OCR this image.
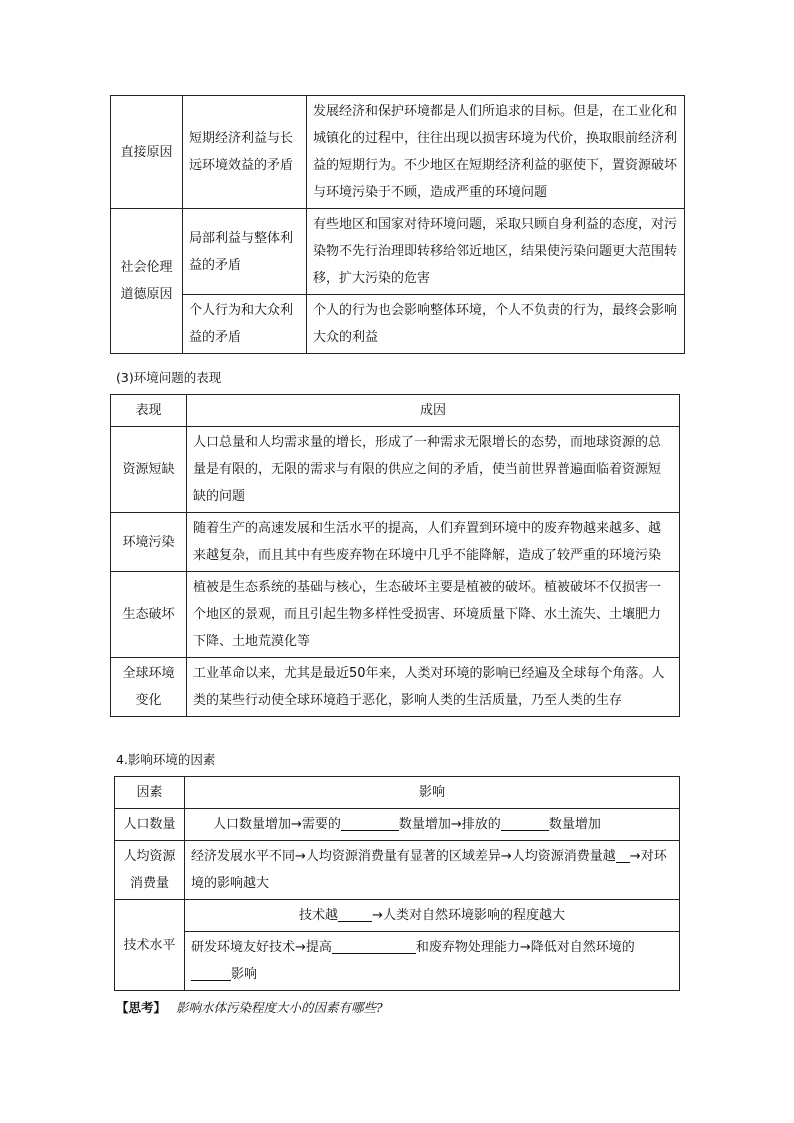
直接原因	短期经济利益与长远环境效益的矛盾	发展经济和保护环境都是人们所追求的目标。但是，在工业化和城镇化的过程中，往往出现以损害环境为代价，换取眼前经济利益的短期行为。不少地区在短期经济利益的驱使下，置资源破坏与环境污染于不顾，造成严重的环境问题
社会伦理道德原因	局部利益与整体利益的矛盾	有些地区和国家对待环境问题，采取只顾自身利益的态度，对污染物不先行治理即转移给邻近地区，结果使污染问题更大范围转移，扩大污染的危害
	个人行为和大众利益的矛盾	个人的行为也会影响整体环境，个人不负责的行为，最终会影响大众的利益
(3)环境问题的表现
表现	成因
资源短缺	人口总量和人均需求量的增长，形成了一种需求无限增长的态势，而地球资源的总量是有限的，无限的需求与有限的供应之间的矛盾，使当前世界普遍面临着资源短缺的问题
环境污染	随着生产的高速发展和生活水平的提高，人们弃置到环境中的废弃物越来越多、越来越复杂，而且其中有些废弃物在环境中几乎不能降解，造成了较严重的环境污染
生态破坏	植被是生态系统的基础与核心，生态破坏主要是植被的破坏。植被破坏不仅损害一个地区的景观，而且引起生物多样性受损害、环境质量下降、水土流失、土壤肥力下降、土地荒漠化等
全球环境变化	工业革命以来，尤其是最近50年来，人类对环境的影响已经遍及全球每个角落。人类的某些行动使全球环境趋于恶化，影响人类的生活质量，乃至人类的生存
4.影响环境的因素
因素	影响
人口数量	人口数量增加→需要的 数量增加→排放的 数量增加
人均资源消费量	经济发展水平不同→人均资源消费量有显著的区域差异→人均资源消费量越 →对环境的影响越大
技术水平	技术越 →人类对自然环境影响的程度越大
	研发环境友好技术→提高 和废弃物处理能力→降低对自然环境的影响
【思考】 影响水体污染程度大小的因素有哪些?
